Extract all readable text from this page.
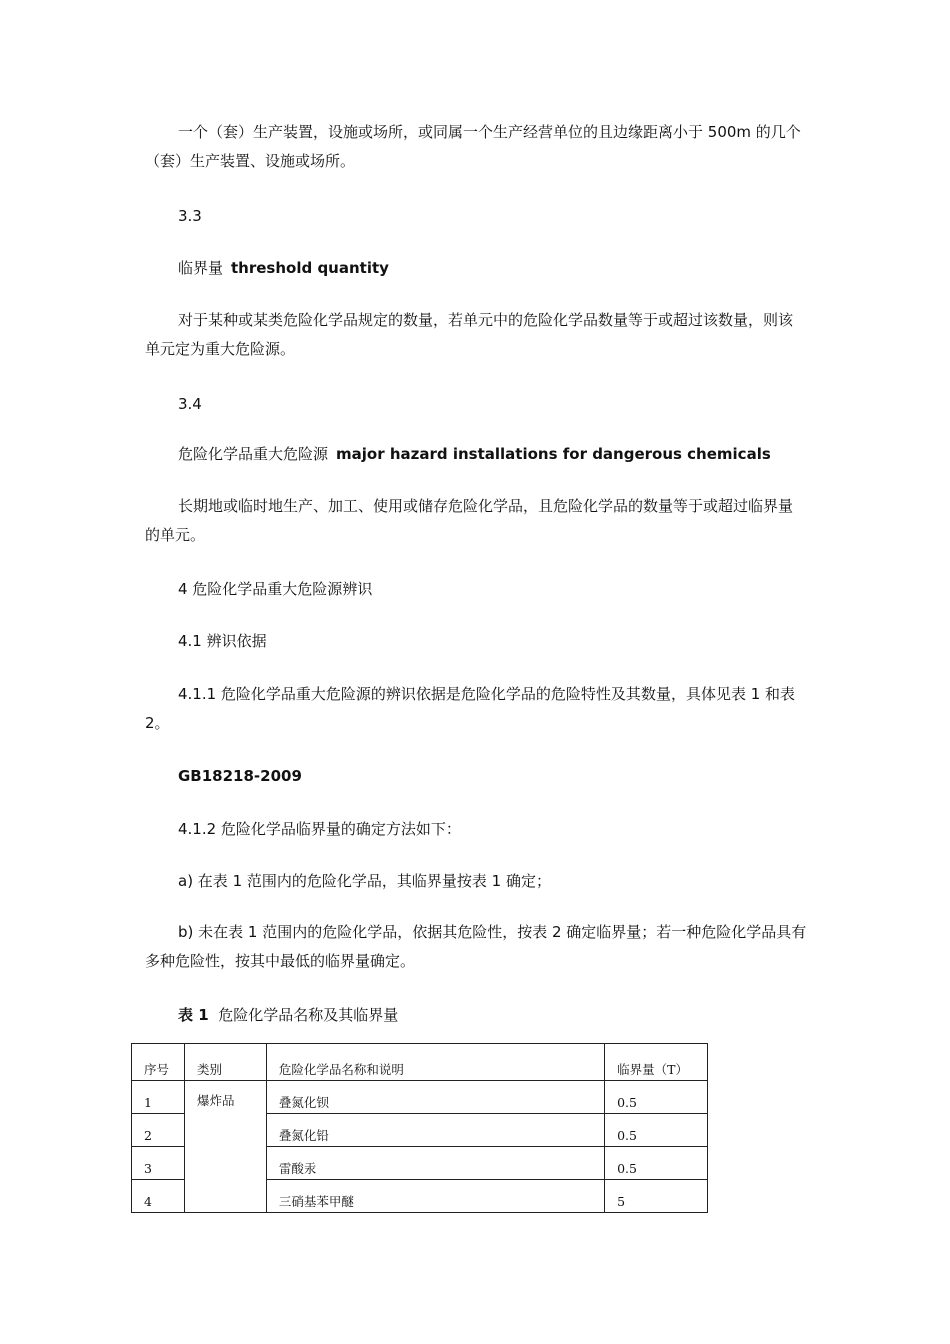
一个（套）生产装置，设施或场所，或同属一个生产经营单位的且边缘距离小于 500m 的几个（套）生产装置、设施或场所。

3.3

临界量 threshold quantity

对于某种或某类危险化学品规定的数量，若单元中的危险化学品数量等于或超过该数量，则该单元定为重大危险源。

3.4

危险化学品重大危险源 major hazard installations for dangerous chemicals

长期地或临时地生产、加工、使用或储存危险化学品，且危险化学品的数量等于或超过临界量的单元。

4 危险化学品重大危险源辨识

4.1 辨识依据

4.1.1 危险化学品重大危险源的辨识依据是危险化学品的危险特性及其数量，具体见表 1 和表 2。

GB18218-2009

4.1.2 危险化学品临界量的确定方法如下：

a) 在表 1 范围内的危险化学品，其临界量按表 1 确定；

b) 未在表 1 范围内的危险化学品，依据其危险性，按表 2 确定临界量；若一种危险化学品具有多种危险性，按其中最低的临界量确定。

表 1 危险化学品名称及其临界量

序号	类别	危险化学品名称和说明	临界量（T）
1	爆炸品	叠氮化钡	0.5
2		叠氮化铅	0.5
3		雷酸汞	0.5
4		三硝基苯甲醚	5
